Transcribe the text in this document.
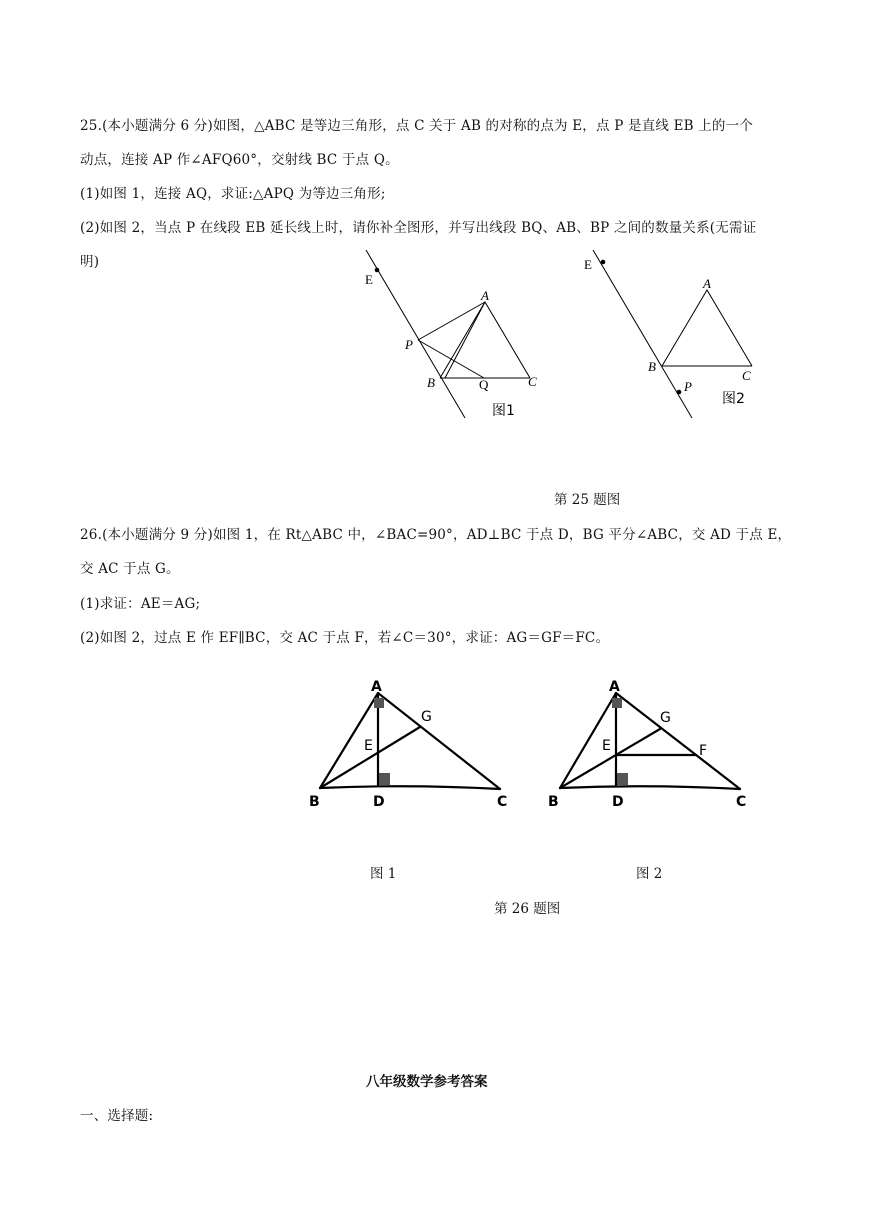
25.(本小题满分 6 分)如图，△ABC 是等边三角形，点 C 关于 AB 的对称的点为 E，点 P 是直线 EB 上的一个
动点，连接 AP 作∠AFQ60°，交射线 BC 于点 Q。
(1)如图 1，连接 AQ，求证:△APQ 为等边三角形;
(2)如图 2，当点 P 在线段 EB 延长线上时，请你补全图形，并写出线段 BQ、AB、BP 之间的数量关系(无需证
明)
E
A
P
B	Q	C
图1
E
A
B
P
C
图2
第 25 题图
26.(本小题满分 9 分)如图 1，在 Rt△ABC 中，∠BAC=90°，AD⊥BC 于点 D，BG 平分∠ABC，交 AD 于点 E，
交 AC 于点 G。
(1)求证：AE＝AG;
(2)如图 2，过点 E 作 EF∥BC，交 AC 于点 F，若∠C＝30°，求证：AG＝GF＝FC。
A
G
E
B	D	C
A
G
E	F
B	D	C
图 1	图 2
第 26 题图
八年级数学参考答案
一、选择题:
